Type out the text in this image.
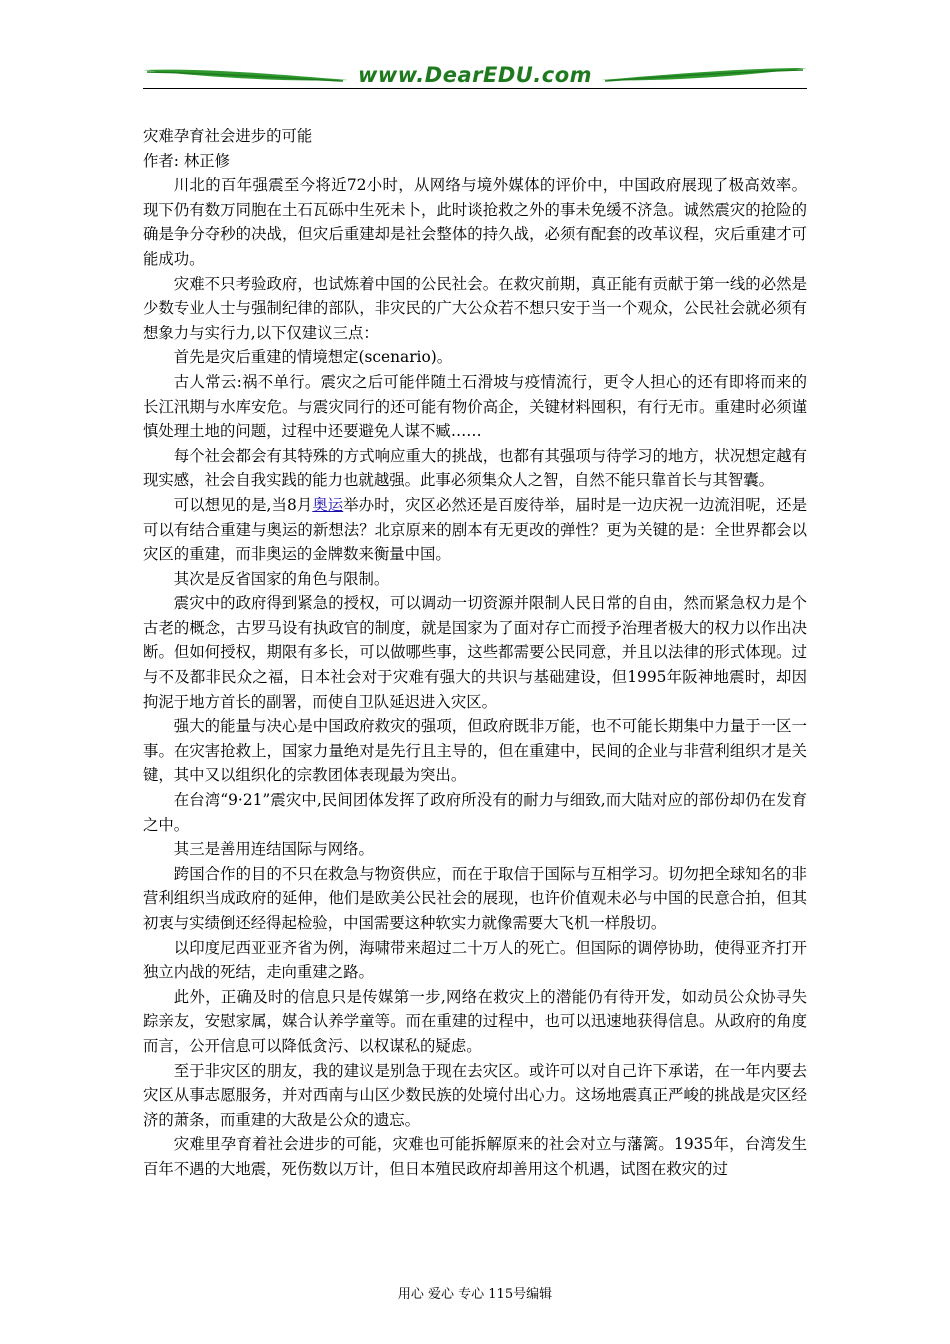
www.DearEDU.com

灾难孕育社会进步的可能

作者: 林正修

川北的百年强震至今将近72小时，从网络与境外媒体的评价中，中国政府展现了极高效率。现下仍有数万同胞在土石瓦砾中生死未卜，此时谈抢救之外的事未免缓不济急。诚然震灾的抢险的确是争分夺秒的决战，但灾后重建却是社会整体的持久战，必须有配套的改革议程，灾后重建才可能成功。

灾难不只考验政府，也试炼着中国的公民社会。在救灾前期，真正能有贡献于第一线的必然是少数专业人士与强制纪律的部队，非灾民的广大公众若不想只安于当一个观众，公民社会就必须有想象力与实行力,以下仅建议三点：

首先是灾后重建的情境想定(scenario)。

古人常云:祸不单行。震灾之后可能伴随土石滑坡与疫情流行，更令人担心的还有即将而来的长江汛期与水库安危。与震灾同行的还可能有物价高企，关键材料囤积，有行无市。重建时必须谨慎处理土地的问题，过程中还要避免人谋不臧……

每个社会都会有其特殊的方式响应重大的挑战，也都有其强项与待学习的地方，状况想定越有现实感，社会自我实践的能力也就越强。此事必须集众人之智，自然不能只靠首长与其智囊。

可以想见的是,当8月奥运举办时，灾区必然还是百废待举，届时是一边庆祝一边流泪呢，还是可以有结合重建与奥运的新想法？北京原来的剧本有无更改的弹性？更为关键的是：全世界都会以灾区的重建，而非奥运的金牌数来衡量中国。

其次是反省国家的角色与限制。

震灾中的政府得到紧急的授权，可以调动一切资源并限制人民日常的自由，然而紧急权力是个古老的概念，古罗马设有执政官的制度，就是国家为了面对存亡而授予治理者极大的权力以作出决断。但如何授权，期限有多长，可以做哪些事，这些都需要公民同意，并且以法律的形式体现。过与不及都非民众之福，日本社会对于灾难有强大的共识与基础建设，但1995年阪神地震时，却因拘泥于地方首长的副署，而使自卫队延迟进入灾区。

强大的能量与决心是中国政府救灾的强项，但政府既非万能，也不可能长期集中力量于一区一事。在灾害抢救上，国家力量绝对是先行且主导的，但在重建中，民间的企业与非营利组织才是关键，其中又以组织化的宗教团体表现最为突出。

在台湾“9·21”震灾中,民间团体发挥了政府所没有的耐力与细致,而大陆对应的部份却仍在发育之中。

其三是善用连结国际与网络。

跨国合作的目的不只在救急与物资供应，而在于取信于国际与互相学习。切勿把全球知名的非营利组织当成政府的延伸，他们是欧美公民社会的展现，也许价值观未必与中国的民意合拍，但其初衷与实绩倒还经得起检验，中国需要这种软实力就像需要大飞机一样殷切。

以印度尼西亚亚齐省为例，海啸带来超过二十万人的死亡。但国际的调停协助，使得亚齐打开独立内战的死结，走向重建之路。

此外，正确及时的信息只是传媒第一步,网络在救灾上的潜能仍有待开发，如动员公众协寻失踪亲友，安慰家属，媒合认养学童等。而在重建的过程中，也可以迅速地获得信息。从政府的角度而言，公开信息可以降低贪污、以权谋私的疑虑。

至于非灾区的朋友，我的建议是别急于现在去灾区。或许可以对自己许下承诺，在一年内要去灾区从事志愿服务，并对西南与山区少数民族的处境付出心力。这场地震真正严峻的挑战是灾区经济的萧条，而重建的大敌是公众的遗忘。

灾难里孕育着社会进步的可能，灾难也可能拆解原来的社会对立与藩篱。1935年，台湾发生百年不遇的大地震，死伤数以万计，但日本殖民政府却善用这个机遇，试图在救灾的过

用心 爱心 专心 115号编辑
